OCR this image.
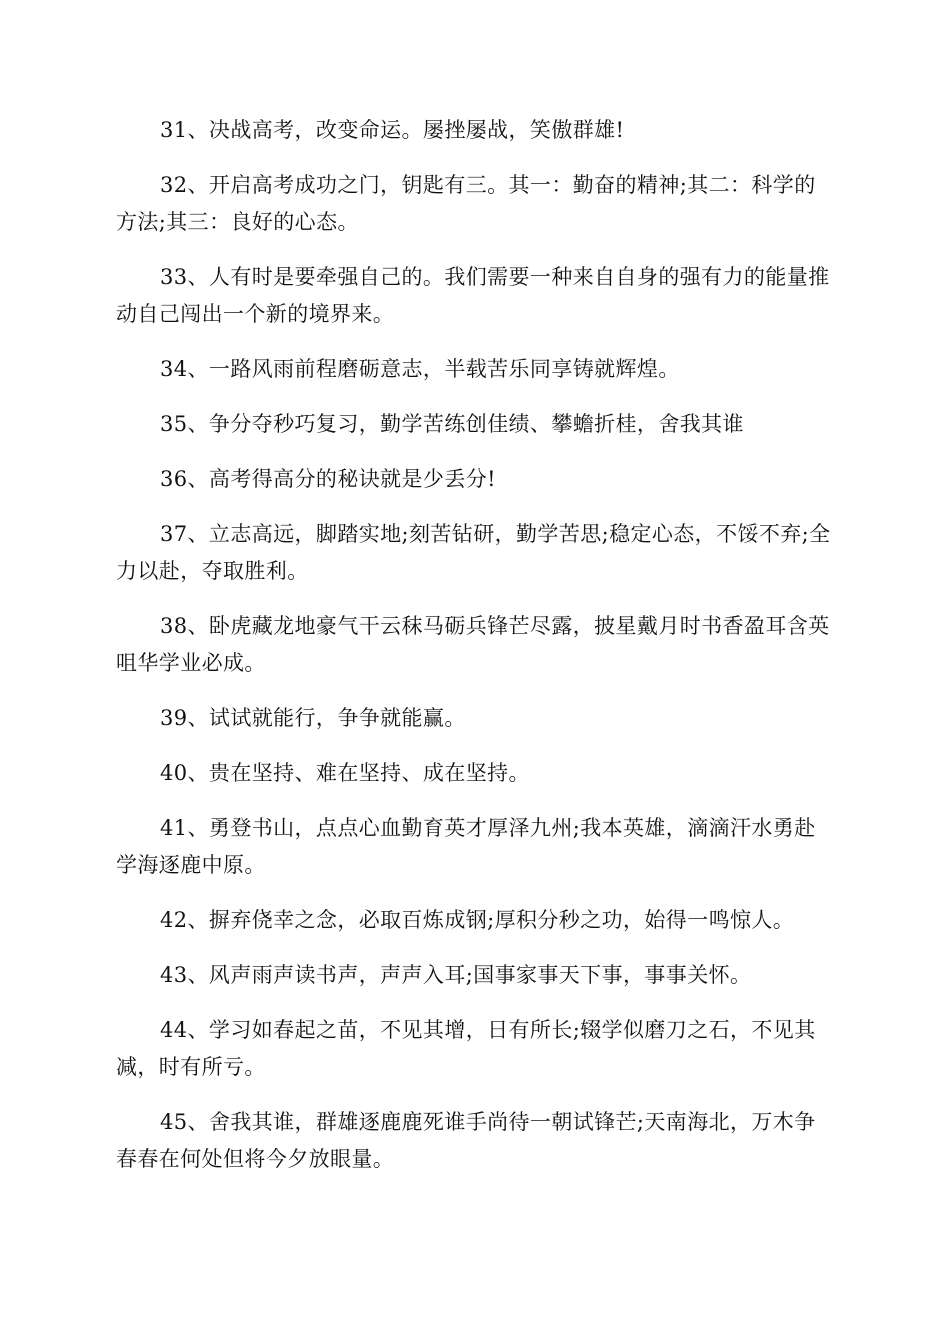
31、决战高考，改变命运。屡挫屡战，笑傲群雄!

32、开启高考成功之门，钥匙有三。其一：勤奋的精神;其二：科学的方法;其三：良好的心态。

33、人有时是要牵强自己的。我们需要一种来自自身的强有力的能量推动自己闯出一个新的境界来。

34、一路风雨前程磨砺意志，半载苦乐同享铸就辉煌。

35、争分夺秒巧复习，勤学苦练创佳绩、攀蟾折桂，舍我其谁

36、高考得高分的秘诀就是少丢分!

37、立志高远，脚踏实地;刻苦钻研，勤学苦思;稳定心态，不馁不弃;全力以赴，夺取胜利。

38、卧虎藏龙地豪气干云秣马砺兵锋芒尽露，披星戴月时书香盈耳含英咀华学业必成。

39、试试就能行，争争就能赢。

40、贵在坚持、难在坚持、成在坚持。

41、勇登书山，点点心血勤育英才厚泽九州;我本英雄，滴滴汗水勇赴学海逐鹿中原。

42、摒弃侥幸之念，必取百炼成钢;厚积分秒之功，始得一鸣惊人。

43、风声雨声读书声，声声入耳;国事家事天下事，事事关怀。

44、学习如春起之苗，不见其增，日有所长;辍学似磨刀之石，不见其减，时有所亏。

45、舍我其谁，群雄逐鹿鹿死谁手尚待一朝试锋芒;天南海北，万木争春春在何处但将今夕放眼量。
